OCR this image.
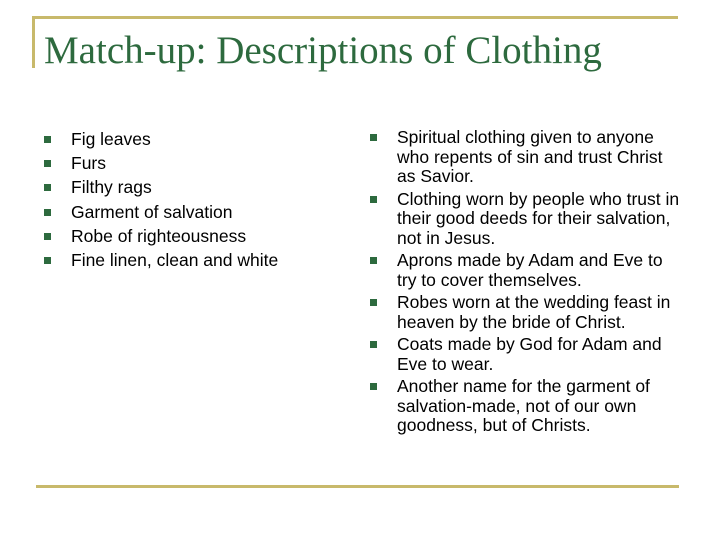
Match-up: Descriptions of Clothing
Fig leaves
Furs
Filthy rags
Garment of salvation
Robe of righteousness
Fine linen, clean and white
Spiritual clothing given to anyone who repents of sin and trust Christ as Savior.
Clothing worn by people who trust in their good deeds for their salvation, not in Jesus.
Aprons made by Adam and Eve to try to cover themselves.
Robes worn at the wedding feast in heaven by the bride of Christ.
Coats made by God for Adam and Eve to wear.
Another name for the garment of salvation-made, not of our own goodness, but of Christs.
